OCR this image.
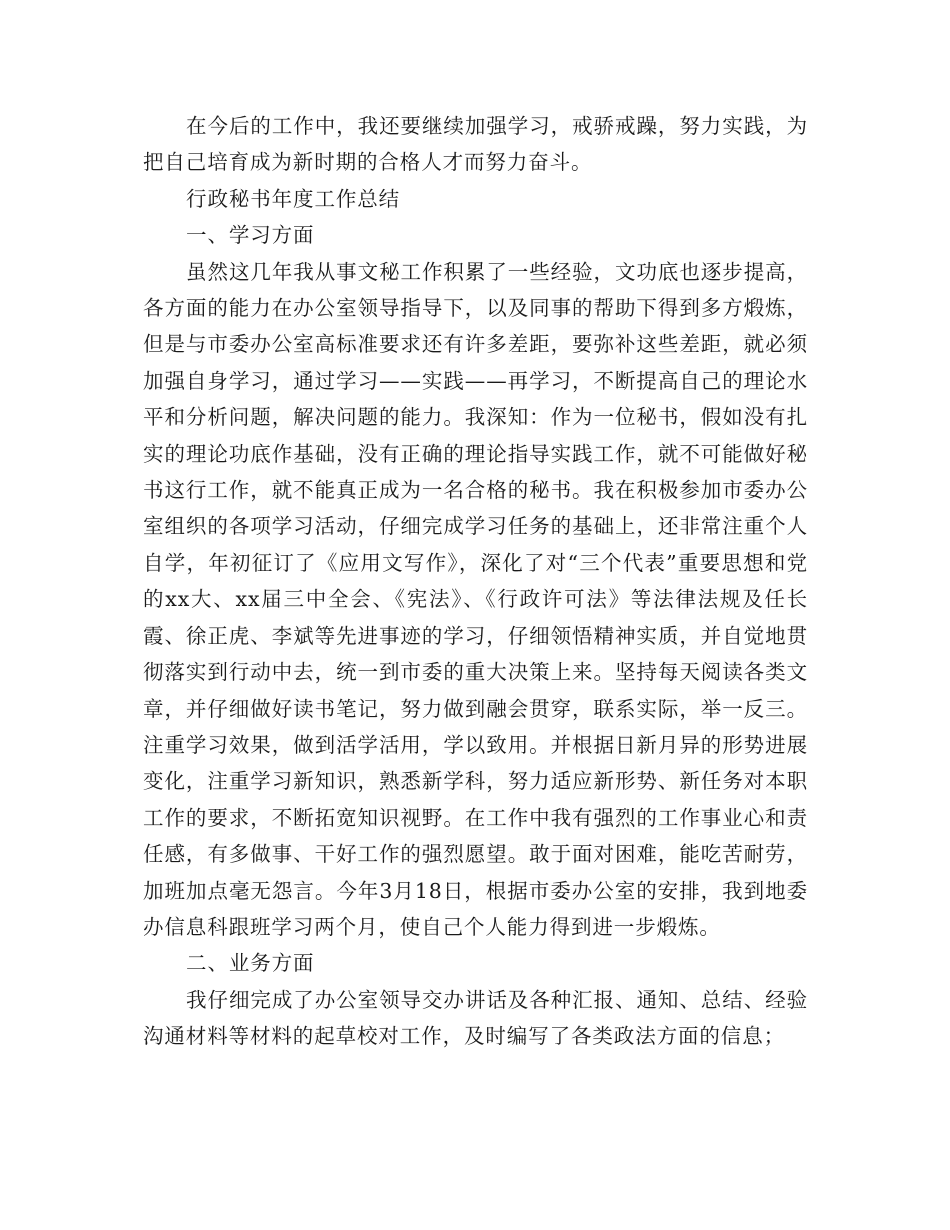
在今后的工作中，我还要继续加强学习，戒骄戒躁，努力实践，为把自己培育成为新时期的合格人才而努力奋斗。

行政秘书年度工作总结

一、学习方面

虽然这几年我从事文秘工作积累了一些经验，文功底也逐步提高，各方面的能力在办公室领导指导下，以及同事的帮助下得到多方煅炼，但是与市委办公室高标准要求还有许多差距，要弥补这些差距，就必须加强自身学习，通过学习——实践——再学习，不断提高自己的理论水平和分析问题，解决问题的能力。我深知：作为一位秘书，假如没有扎实的理论功底作基础，没有正确的理论指导实践工作，就不可能做好秘书这行工作，就不能真正成为一名合格的秘书。我在积极参加市委办公室组织的各项学习活动，仔细完成学习任务的基础上，还非常注重个人自学，年初征订了《应用文写作》，深化了对“三个代表”重要思想和党的xx大、xx届三中全会、《宪法》、《行政许可法》等法律法规及任长霞、徐正虎、李斌等先进事迹的学习，仔细领悟精神实质，并自觉地贯彻落实到行动中去，统一到市委的重大决策上来。坚持每天阅读各类文章，并仔细做好读书笔记，努力做到融会贯穿，联系实际，举一反三。注重学习效果，做到活学活用，学以致用。并根据日新月异的形势进展变化，注重学习新知识，熟悉新学科，努力适应新形势、新任务对本职工作的要求，不断拓宽知识视野。在工作中我有强烈的工作事业心和责任感，有多做事、干好工作的强烈愿望。敢于面对困难，能吃苦耐劳，加班加点毫无怨言。今年3月18日，根据市委办公室的安排，我到地委办信息科跟班学习两个月，使自己个人能力得到进一步煅炼。

二、业务方面

我仔细完成了办公室领导交办讲话及各种汇报、通知、总结、经验沟通材料等材料的起草校对工作，及时编写了各类政法方面的信息；
